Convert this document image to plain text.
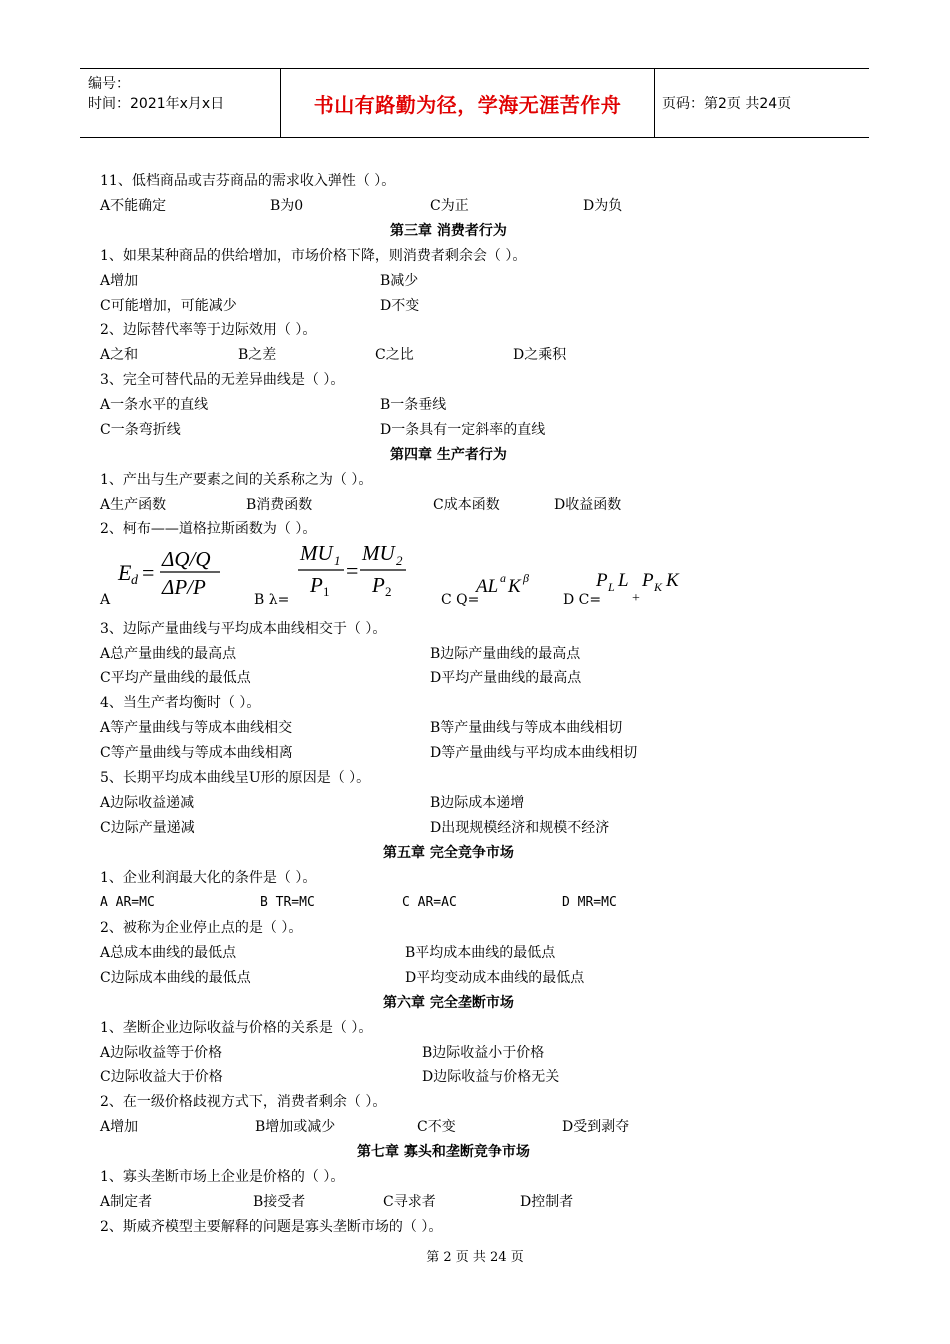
编号：
时间：2021年x月x日	书山有路勤为径，学海无涯苦作舟	页码：第2页 共24页
11、低档商品或吉芬商品的需求收入弹性（ ）。
A不能确定	B为0	C为正	D为负
第三章 消费者行为
1、如果某种商品的供给增加，市场价格下降，则消费者剩余会（ ）。
A增加	B减少
C可能增加，可能减少	D不变
2、边际替代率等于边际效用（ ）。
A之和	B之差	C之比	D之乘积
3、完全可替代品的无差异曲线是（ ）。
A一条水平的直线	B一条垂线
C一条弯折线	D一条具有一定斜率的直线
第四章 生产者行为
1、产出与生产要素之间的关系称之为（ ）。
A生产函数	B消费函数	C成本函数	D收益函数
2、柯布——道格拉斯函数为（ ）。
A
E d =
ΔQ/Q
ΔP/P
B λ=
MU 1
P 1
=
MU 2
P 2
C Q=
AL a K β
D C=
P L L
+
P K K
3、边际产量曲线与平均成本曲线相交于（ ）。
A总产量曲线的最高点	B边际产量曲线的最高点
C平均产量曲线的最低点	D平均产量曲线的最高点
4、当生产者均衡时（ ）。
A等产量曲线与等成本曲线相交	B等产量曲线与等成本曲线相切
C等产量曲线与等成本曲线相离	D等产量曲线与平均成本曲线相切
5、长期平均成本曲线呈U形的原因是（ ）。
A边际收益递减	B边际成本递增
C边际产量递减	D出现规模经济和规模不经济
第五章 完全竞争市场
1、企业利润最大化的条件是（ ）。
A AR=MC	B TR=MC	C AR=AC	D MR=MC
2、被称为企业停止点的是（ ）。
A总成本曲线的最低点	B平均成本曲线的最低点
C边际成本曲线的最低点	D平均变动成本曲线的最低点
第六章 完全垄断市场
1、垄断企业边际收益与价格的关系是（ ）。
A边际收益等于价格	B边际收益小于价格
C边际收益大于价格	D边际收益与价格无关
2、在一级价格歧视方式下，消费者剩余（ ）。
A增加	B增加或减少	C不变	D受到剥夺
第七章 寡头和垄断竞争市场
1、寡头垄断市场上企业是价格的（ ）。
A制定者	B接受者	C寻求者	D控制者
2、斯威齐模型主要解释的问题是寡头垄断市场的（ ）。
第 2 页 共 24 页
